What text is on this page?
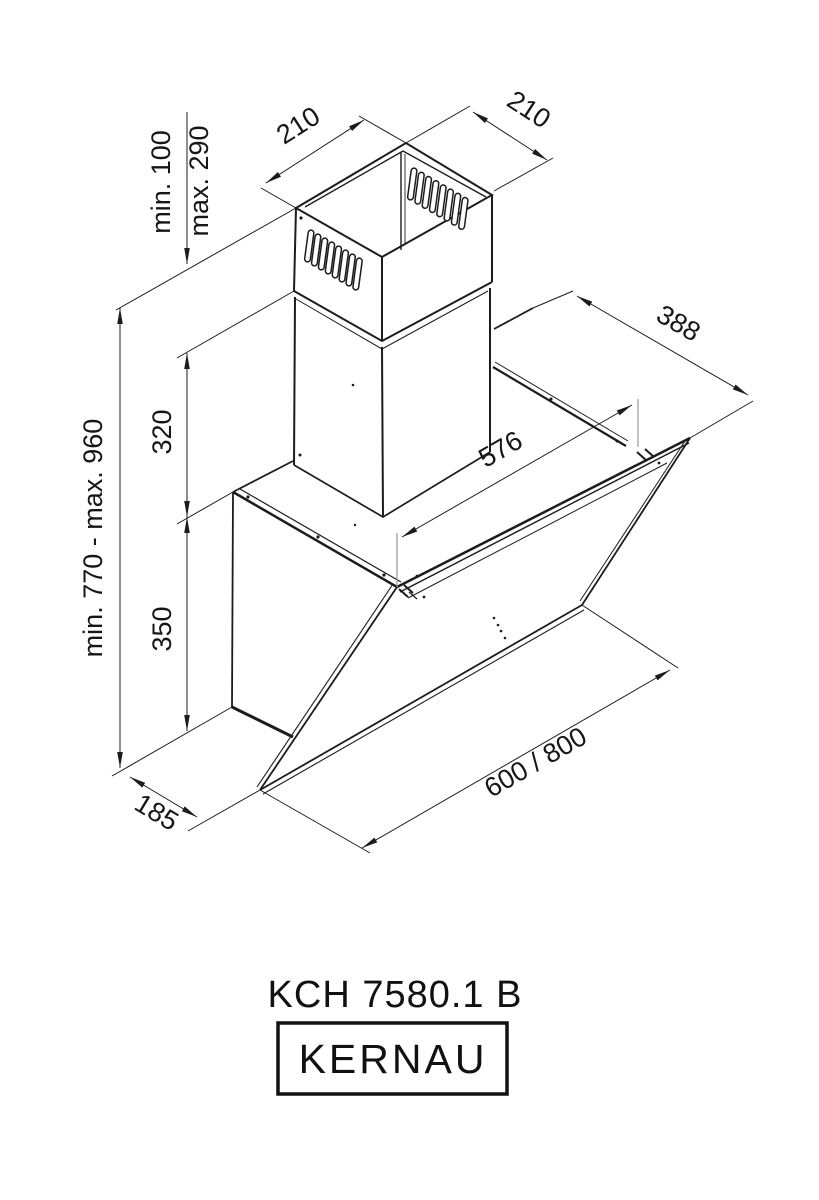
210	210
min. 100 max. 290
min. 770 - max. 960 320
350
388
576
600 / 800
185
KCH 7580.1 B
KERNAU
